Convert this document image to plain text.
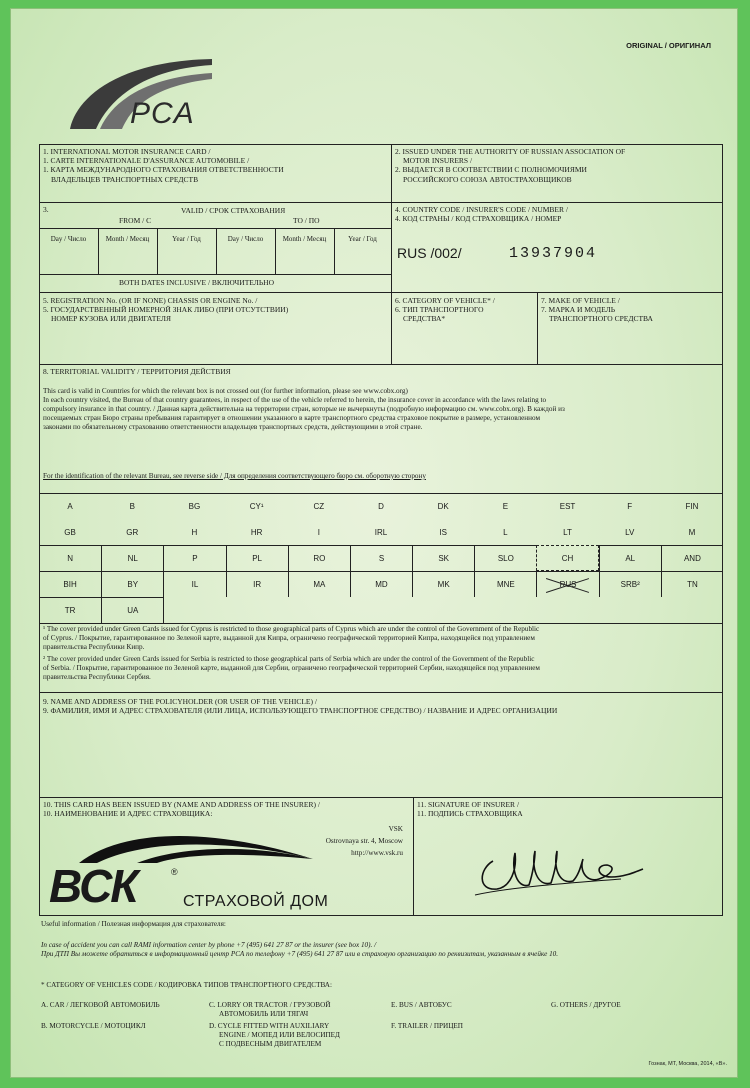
ORIGINAL / ОРИГИНАЛ
PCA
1. INTERNATIONAL MOTOR INSURANCE CARD /
1. CARTE INTERNATIONALE D'ASSURANCE AUTOMOBILE /
1. КАРТА МЕЖДУНАРОДНОГО СТРАХОВАНИЯ ОТВЕТСТВЕННОСТИ
ВЛАДЕЛЬЦЕВ ТРАНСПОРТНЫХ СРЕДСТВ
2. ISSUED UNDER THE AUTHORITY OF RUSSIAN ASSOCIATION OF
MOTOR INSURERS /
2. ВЫДАЕТСЯ В СООТВЕТСТВИИ С ПОЛНОМОЧИЯМИ
РОССИЙСКОГО СОЮЗА АВТОСТРАХОВЩИКОВ
3.	VALID / СРОК СТРАХОВАНИЯ
FROM / С	TO / ПО
Day / Число	Month / Месяц	Year / Год	Day / Число	Month / Месяц	Year / Год
BOTH DATES INCLUSIVE / ВКЛЮЧИТЕЛЬНО
4. COUNTRY CODE / INSURER'S CODE / NUMBER /
4. КОД СТРАНЫ / КОД СТРАХОВЩИКА / НОМЕР
RUS /002/	13937904
5. REGISTRATION No. (OR IF NONE) CHASSIS OR ENGINE No. /
5. ГОСУДАРСТВЕННЫЙ НОМЕРНОЙ ЗНАК ЛИБО (ПРИ ОТСУТСТВИИ)
НОМЕР КУЗОВА ИЛИ ДВИГАТЕЛЯ
6. CATEGORY OF VEHICLE* /
6. ТИП ТРАНСПОРТНОГО
СРЕДСТВА*
7. MAKE OF VEHICLE /
7. МАРКА И МОДЕЛЬ
ТРАНСПОРТНОГО СРЕДСТВА
8. TERRITORIAL VALIDITY / ТЕРРИТОРИЯ ДЕЙСТВИЯ
This card is valid in Countries for which the relevant box is not crossed out (for further information, please see www.cobx.org)
In each country visited, the Bureau of that country guarantees, in respect of the use of the vehicle referred to herein, the insurance cover in accordance with the laws relating to
compulsory insurance in that country. / Данная карта действительна на территории стран, которые не вычеркнуты (подробную информацию см. www.cobx.org). В каждой из
посещаемых стран Бюро страны пребывания гарантирует в отношении указанного в карте транспортного средства страховое покрытие в размере, установленном
законами по обязательному страхованию ответственности владельцев транспортных средств, действующими в этой стране.
For the identification of the relevant Bureau, see reverse side / Для определения соответствующего бюро см. оборотную сторону
A	B	BG	CY¹	CZ	D	DK	E	EST	F	FIN
GB	GR	H	HR	I	IRL	IS	L	LT	LV	M
N	NL	P	PL	RO	S	SK	SLO	CH	AL	AND
BIH	BY	IL	IR	MA	MD	MK	MNE	RUS	SRB²	TN
TR	UA
¹ The cover provided under Green Cards issued for Cyprus is restricted to those geographical parts of Cyprus which are under the control of the Government of the Republic
of Cyprus. / Покрытие, гарантированное по Зеленой карте, выданной для Кипра, ограничено географической территорией Кипра, находящейся под управлением
правительства Республики Кипр.
² The cover provided under Green Cards issued for Serbia is restricted to those geographical parts of Serbia which are under the control of the Government of the Republic
of Serbia. / Покрытие, гарантированное по Зеленой карте, выданной для Сербии, ограничено географической территорией Сербии, находящейся под управлением
правительства Республики Сербия.
9. NAME AND ADDRESS OF THE POLICYHOLDER (OR USER OF THE VEHICLE) /
9. ФАМИЛИЯ, ИМЯ И АДРЕС СТРАХОВАТЕЛЯ (ИЛИ ЛИЦА, ИСПОЛЬЗУЮЩЕГО ТРАНСПОРТНОЕ СРЕДСТВО) / НАЗВАНИЕ И АДРЕС ОРГАНИЗАЦИИ
10. THIS CARD HAS BEEN ISSUED BY (NAME AND ADDRESS OF THE INSURER) /
10. НАИМЕНОВАНИЕ И АДРЕС СТРАХОВЩИКА:
11. SIGNATURE OF INSURER /
11. ПОДПИСЬ СТРАХОВЩИКА
VSK
Ostrovnaya str. 4, Moscow
http://www.vsk.ru
ВСК	®
СТРАХОВОЙ ДОМ
Useful information / Полезная информация для страхователя:
In case of accident you can call RAMI information center by phone +7 (495) 641 27 87 or the insurer (see box 10). /
При ДТП Вы можете обратиться в информационный центр РСА по телефону +7 (495) 641 27 87 или в страховую организацию по реквизитам, указанным в ячейке 10.
* CATEGORY OF VEHICLES CODE / КОДИРОВКА ТИПОВ ТРАНСПОРТНОГО СРЕДСТВА:
A. CAR / ЛЕГКОВОЙ АВТОМОБИЛЬ
B. MOTORCYCLE / МОТОЦИКЛ
C. LORRY OR TRACTOR / ГРУЗОВОЙ
АВТОМОБИЛЬ ИЛИ ТЯГАЧ
D. CYCLE FITTED WITH AUXILIARY
ENGINE / МОПЕД ИЛИ ВЕЛОСИПЕД
С ПОДВЕСНЫМ ДВИГАТЕЛЕМ
E. BUS / АВТОБУС
F. TRAILER / ПРИЦЕП
G. OTHERS / ДРУГОЕ
Гознак, МТ, Москва, 2014, «В».
